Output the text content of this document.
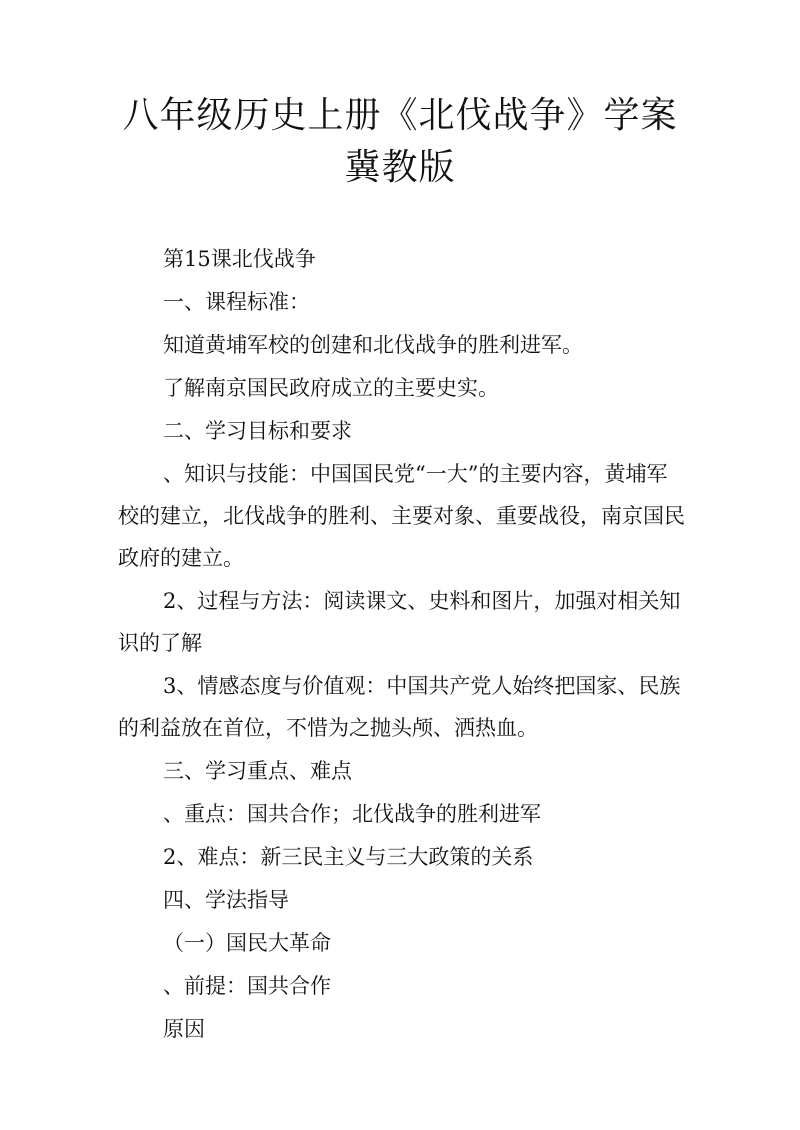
八年级历史上册《北伐战争》学案冀教版

第15课北伐战争

一、课程标准：

知道黄埔军校的创建和北伐战争的胜利进军。

了解南京国民政府成立的主要史实。

二、学习目标和要求

、知识与技能：中国国民党“一大”的主要内容，黄埔军校的建立，北伐战争的胜利、主要对象、重要战役，南京国民政府的建立。

2、过程与方法：阅读课文、史料和图片，加强对相关知识的了解

3、情感态度与价值观：中国共产党人始终把国家、民族的利益放在首位，不惜为之抛头颅、洒热血。

三、学习重点、难点

、重点：国共合作；北伐战争的胜利进军

2、难点：新三民主义与三大政策的关系

四、学法指导

（一）国民大革命

、前提：国共合作

原因
